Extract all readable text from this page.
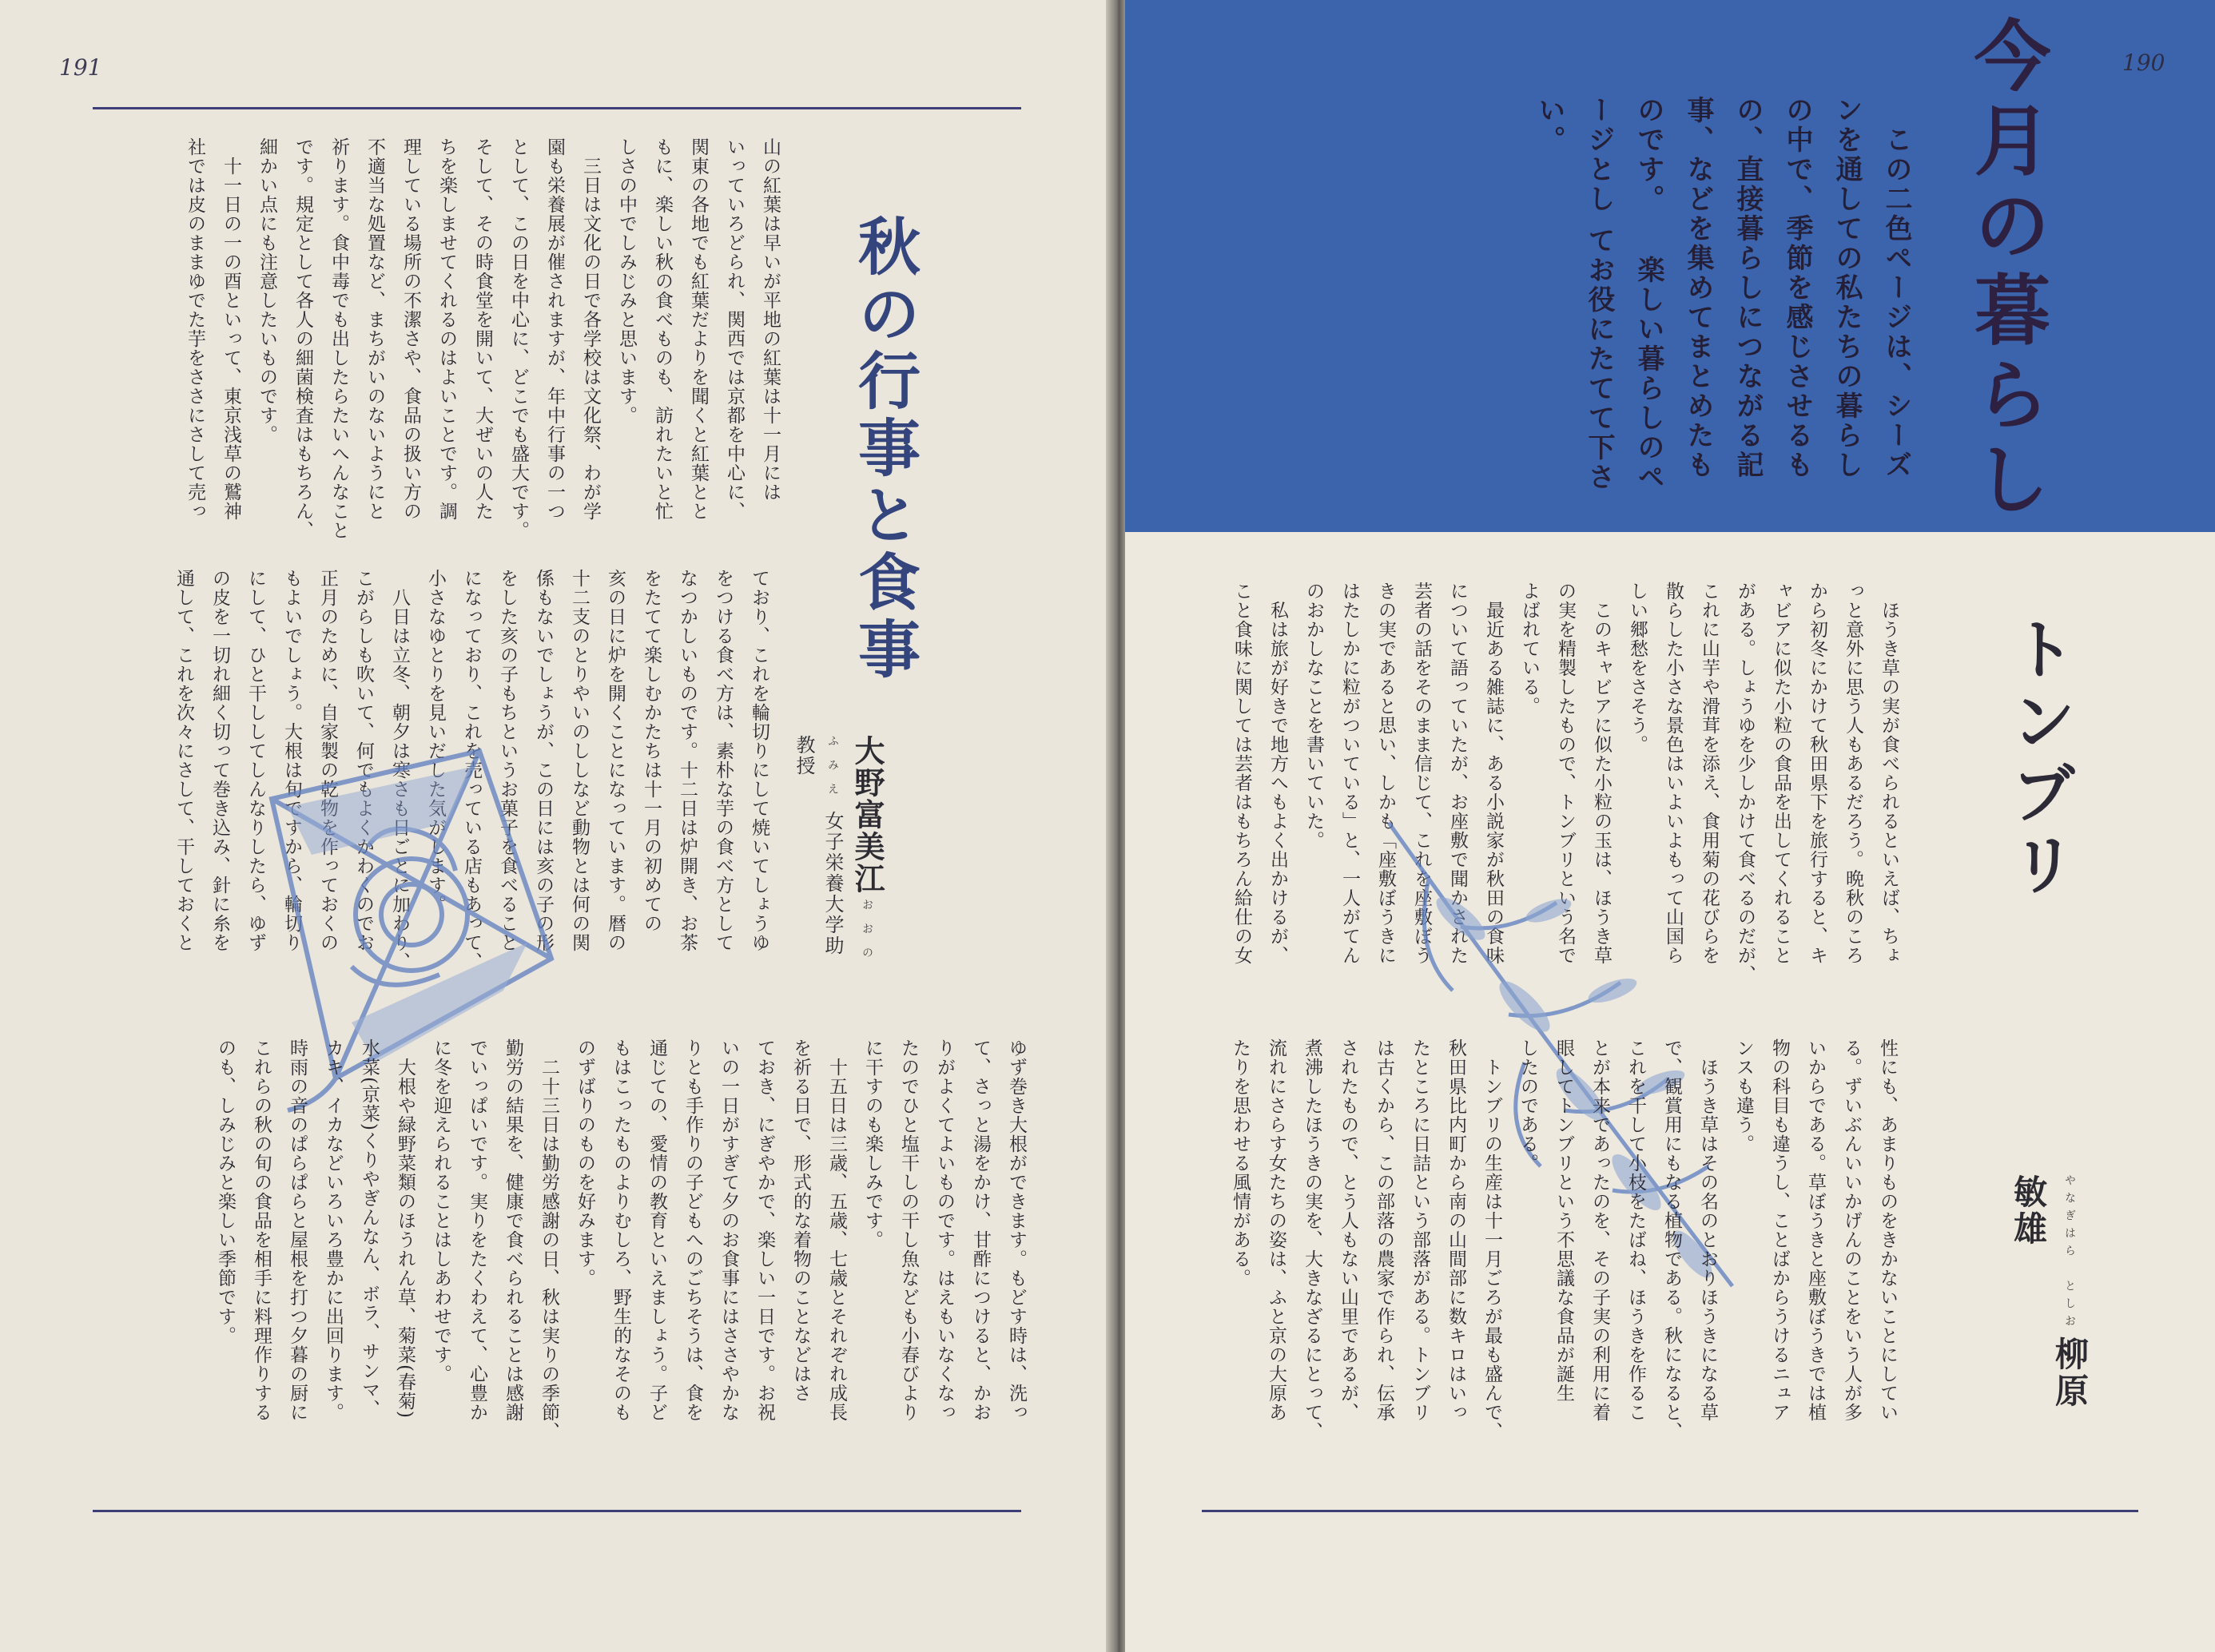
191
山の紅葉は早いが平地の紅葉は十一月には
いっていろどられ、関西では京都を中心に、
関東の各地でも紅葉だよりを聞くと紅葉とと
もに、楽しい秋の食べものも、訪れたいと忙
しさの中でしみじみと思います。
　三日は文化の日で各学校は文化祭、わが学
園も栄養展が催されますが、年中行事の一つ
として、この日を中心に、どこでも盛大です。
そして、その時食堂を開いて、大ぜいの人た
ちを楽しませてくれるのはよいことです。調
理している場所の不潔さや、食品の扱い方の
不適当な処置など、まちがいのないようにと
祈ります。食中毒でも出したらたいへんなこと
です。規定として各人の細菌検査はもちろん、
細かい点にも注意したいものです。
　十一日の一の酉といって、東京浅草の鷲神
社では皮のままゆでた芋をささにさして売っ	秋の行事と食事
大野富美江 おおのふみえ 女子栄養大学助教授
ており、これを輪切りにして焼いてしょうゆ
をつける食べ方は、素朴な芋の食べ方として
なつかしいものです。十二日は炉開き、お茶
をたてて楽しむかたちは十一月の初めての
亥の日に炉を開くことになっています。暦の
十二支のとりやいのししなど動物とは何の関
係もないでしょうが、この日には亥の子の形
をした亥の子もちというお菓子を食べること
になっており、これを売っている店もあって、
小さなゆとりを見いだした気がします。
　八日は立冬、朝夕は寒さも日ごとに加わり、
こがらしも吹いて、何でもよくかわくのでお
正月のために、自家製の乾物を作っておくの
もよいでしょう。大根は旬ですから、輪切り
にして、ひと干ししてしんなりしたら、ゆず
の皮を一切れ細く切って巻き込み、針に糸を
通して、これを次々にさして、干しておくと
ゆず巻き大根ができます。もどす時は、洗っ
て、さっと湯をかけ、甘酢につけると、かお
りがよくてよいものです。はえもいなくなっ
たのでひと塩干しの干し魚なども小春びより
に干すのも楽しみです。
　十五日は三歳、五歳、七歳とそれぞれ成長
を祈る日で、形式的な着物のことなどはさ
ておき、にぎやかで、楽しい一日です。お祝
いの一日がすぎて夕のお食事にはささやかな
りとも手作りの子どもへのごちそうは、食を
通じての、愛情の教育といえましょう。子ど
もはこったものよりむしろ、野生的なそのも
のずばりのものを好みます。
　二十三日は勤労感謝の日、秋は実りの季節、
勤労の結果を、健康で食べられることは感謝
でいっぱいです。実りをたくわえて、心豊か
に冬を迎えられることはしあわせです。
　大根や緑野菜類のほうれん草、菊菜(春菊)
水菜(京菜)くりやぎんなん、ボラ、サンマ、
カキ、イカなどいろいろ豊かに出回ります。
時雨の音のぱらぱらと屋根を打つ夕暮の厨に
これらの秋の旬の食品を相手に料理作りする
のも、しみじみと楽しい季節です。
今月の暮らし	190
　この二色ページは、シーズ ンを通しての私たちの暮らし の中で、季節を感じさせるも の、直接暮らしにつながる記 事、などを集めてまとめたも のです。 　楽しい暮らしのページとし てお役にたてて下さい。
トンブリ
　ほうき草の実が食べられるといえば、ちょ
っと意外に思う人もあるだろう。晩秋のころ
から初冬にかけて秋田県下を旅行すると、キ
ャビアに似た小粒の食品を出してくれること
がある。しょうゆを少しかけて食べるのだが、
これに山芋や滑茸を添え、食用菊の花びらを
散らした小さな景色はいよいよもって山国ら
しい郷愁をさそう。
　このキャビアに似た小粒の玉は、ほうき草
の実を精製したもので、トンブリという名で
よばれている。
　最近ある雑誌に、ある小説家が秋田の食味
について語っていたが、お座敷で聞かされた
芸者の話をそのまま信じて、これを座敷ぼう
きの実であると思い、しかも「座敷ぼうきに
はたしかに粒がついている」と、一人がてん
のおかしなことを書いていた。
　私は旅が好きで地方へもよく出かけるが、
こと食味に関しては芸者はもちろん給仕の女
性にも、あまりものをきかないことにしてい
る。ずいぶんいいかげんのことをいう人が多
いからである。草ぼうきと座敷ぼうきでは植
物の科目も違うし、ことばからうけるニュア
ンスも違う。
　ほうき草はその名のとおりほうきになる草
で、観賞用にもなる植物である。秋になると、
これを干して小枝をたばね、ほうきを作るこ
とが本来であったのを、その子実の利用に着
眼してトンブリという不思議な食品が誕生
したのである。
　トンブリの生産は十一月ごろが最も盛んで、
秋田県比内町から南の山間部に数キロはいっ
たところに日詰という部落がある。トンブリ
は古くから、この部落の農家で作られ、伝承
されたもので、とう人もない山里であるが、
煮沸したほうきの実を、大きなざるにとって、
流れにさらす女たちの姿は、ふと京の大原あ
たりを思わせる風情がある。	やなぎはら　としお 柳原　敏雄
